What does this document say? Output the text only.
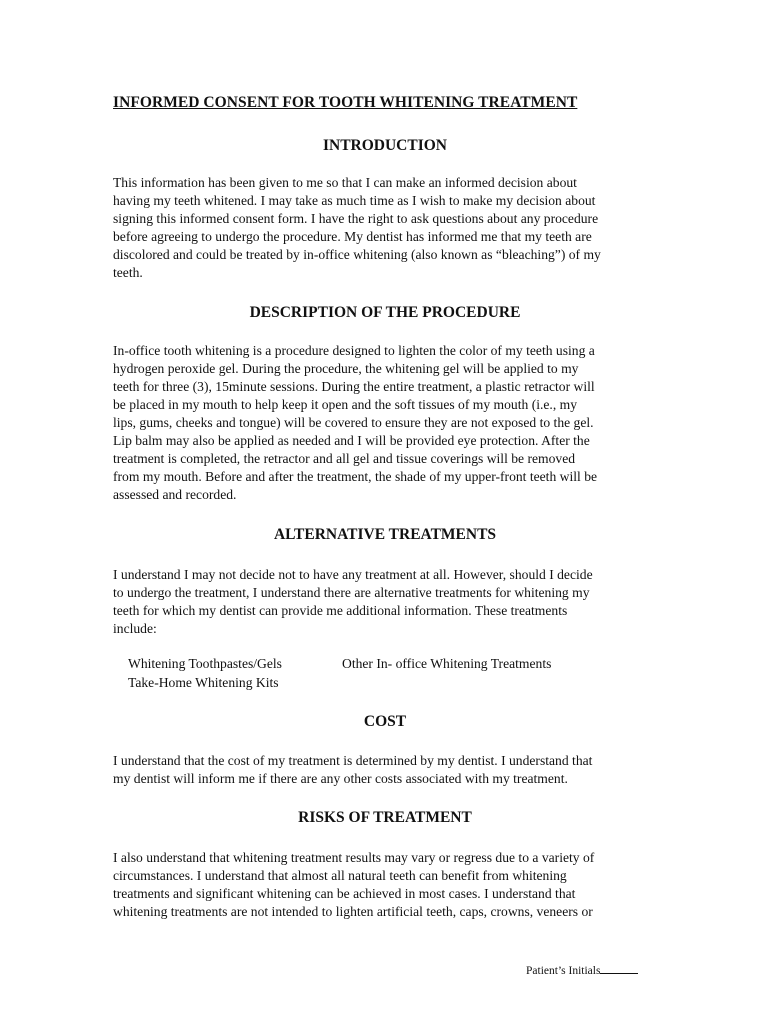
INFORMED CONSENT FOR TOOTH WHITENING TREATMENT
INTRODUCTION
This information has been given to me so that I can make an informed decision about
having my teeth whitened. I may take as much time as I wish to make my decision about
signing this informed consent form. I have the right to ask questions about any procedure
before agreeing to undergo the procedure. My dentist has informed me that my teeth are
discolored and could be treated by in-office whitening (also known as “bleaching”) of my
teeth.
DESCRIPTION OF THE PROCEDURE
In-office tooth whitening is a procedure designed to lighten the color of my teeth using a
hydrogen peroxide gel. During the procedure, the whitening gel will be applied to my
teeth for three (3), 15minute sessions. During the entire treatment, a plastic retractor will
be placed in my mouth to help keep it open and the soft tissues of my mouth (i.e., my
lips, gums, cheeks and tongue) will be covered to ensure they are not exposed to the gel.
Lip balm may also be applied as needed and I will be provided eye protection. After the
treatment is completed, the retractor and all gel and tissue coverings will be removed
from my mouth. Before and after the treatment, the shade of my upper-front teeth will be
assessed and recorded.
ALTERNATIVE TREATMENTS
I understand I may not decide not to have any treatment at all. However, should I decide
to undergo the treatment, I understand there are alternative treatments for whitening my
teeth for which my dentist can provide me additional information. These treatments
include:
Whitening Toothpastes/Gels	Other In- office Whitening Treatments
Take-Home Whitening Kits
COST
I understand that the cost of my treatment is determined by my dentist. I understand that
my dentist will inform me if there are any other costs associated with my treatment.
RISKS OF TREATMENT
I also understand that whitening treatment results may vary or regress due to a variety of
circumstances. I understand that almost all natural teeth can benefit from whitening
treatments and significant whitening can be achieved in most cases. I understand that
whitening treatments are not intended to lighten artificial teeth, caps, crowns, veneers or
Patient’s Initials
